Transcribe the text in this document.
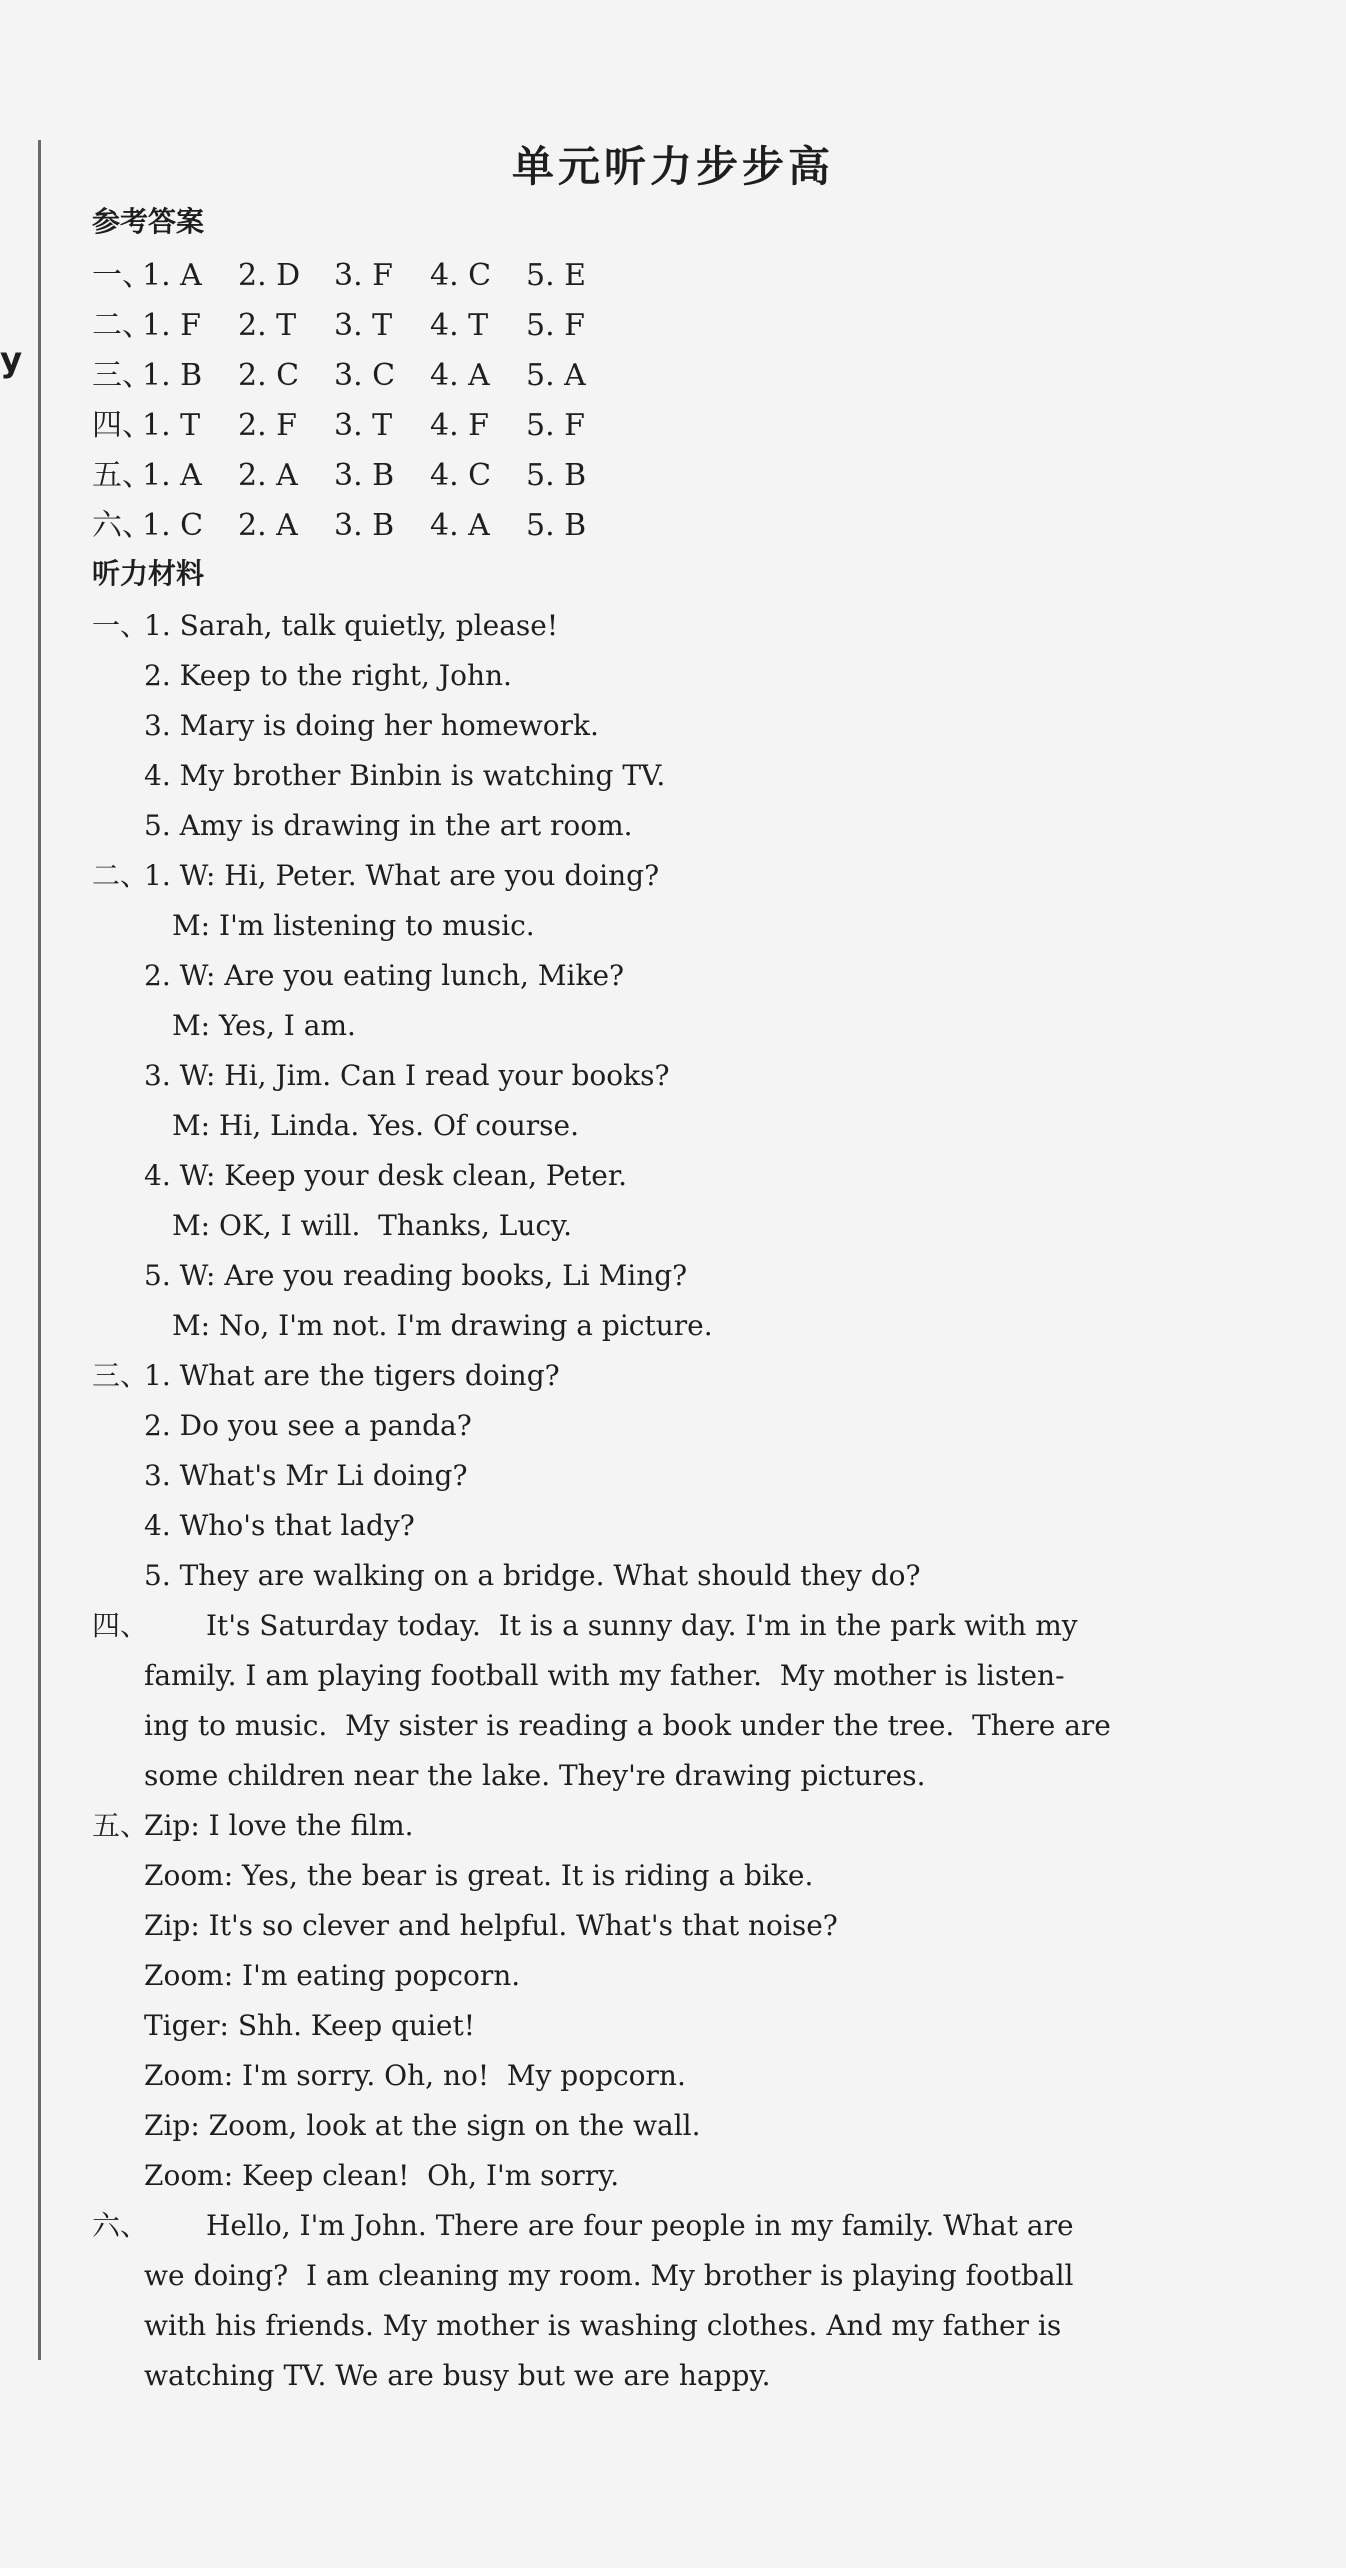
y
单元听力步步高
参考答案
一、1. A 2. D 3. F 4. C 5. E
二、1. F 2. T 3. T 4. T 5. F
三、1. B 2. C 3. C 4. A 5. A
四、1. T 2. F 3. T 4. F 5. F
五、1. A 2. A 3. B 4. C 5. B
六、1. C 2. A 3. B 4. A 5. B
听力材料
一、
1. Sarah, talk quietly, please!
2. Keep to the right, John.
3. Mary is doing her homework.
4. My brother Binbin is watching TV.
5. Amy is drawing in the art room.
二、
1. W: Hi, Peter. What are you doing?
M: I'm listening to music.
2. W: Are you eating lunch, Mike?
M: Yes, I am.
3. W: Hi, Jim. Can I read your books?
M: Hi, Linda. Yes. Of course.
4. W: Keep your desk clean, Peter.
M: OK, I will.  Thanks, Lucy.
5. W: Are you reading books, Li Ming?
M: No, I'm not. I'm drawing a picture.
三、
1. What are the tigers doing?
2. Do you see a panda?
3. What's Mr Li doing?
4. Who's that lady?
5. They are walking on a bridge. What should they do?
四、 It's Saturday today.  It is a sunny day. I'm in the park with my
family. I am playing football with my father.  My mother is listen-
ing to music.  My sister is reading a book under the tree.  There are
some children near the lake. They're drawing pictures.
五、
Zip: I love the film.
Zoom: Yes, the bear is great. It is riding a bike.
Zip: It's so clever and helpful. What's that noise?
Zoom: I'm eating popcorn.
Tiger: Shh. Keep quiet!
Zoom: I'm sorry. Oh, no!  My popcorn.
Zip: Zoom, look at the sign on the wall.
Zoom: Keep clean!  Oh, I'm sorry.
六、 Hello, I'm John. There are four people in my family. What are
we doing?  I am cleaning my room. My brother is playing football
with his friends. My mother is washing clothes. And my father is
watching TV. We are busy but we are happy.
